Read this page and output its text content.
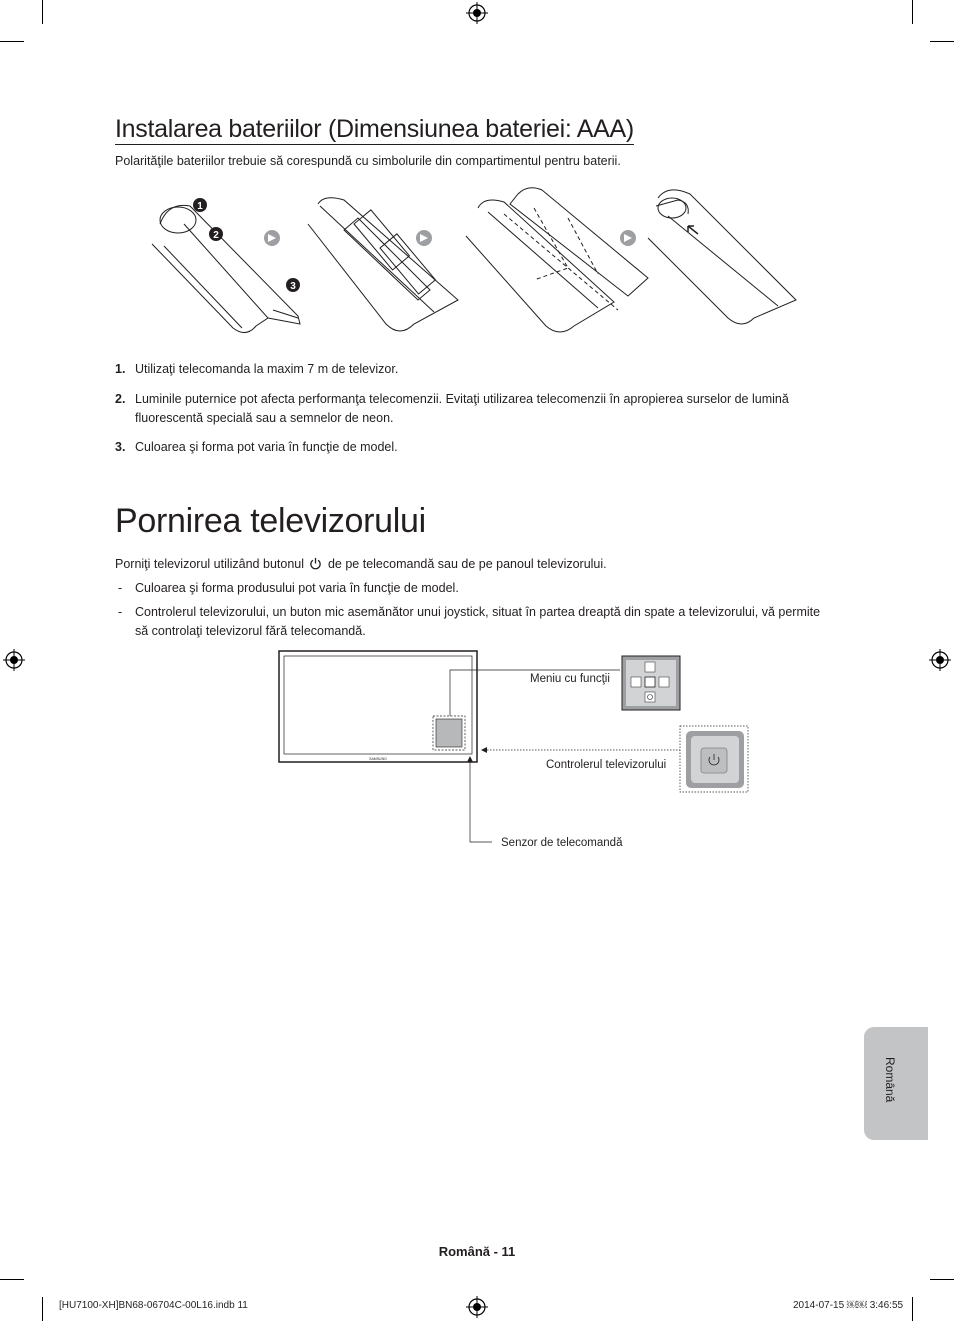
Instalarea bateriilor (Dimensiunea bateriei: AAA)
Polarităţile bateriilor trebuie să corespundă cu simbolurile din compartimentul pentru baterii.
1
2
3
1. Utilizaţi telecomanda la maxim 7 m de televizor.
2. Luminile puternice pot afecta performanţa telecomenzii. Evitaţi utilizarea telecomenzii în apropierea surselor de lumină fluorescentă specială sau a semnelor de neon.
3. Culoarea şi forma pot varia în funcţie de model.
Pornirea televizorului
Porniţi televizorul utilizând butonul de pe telecomandă sau de pe panoul televizorului.
- Culoarea şi forma produsului pot varia în funcţie de model.
- Controlerul televizorului, un buton mic asemănător unui joystick, situat în partea dreaptă din spate a televizorului, vă permite să controlaţi televizorul fără telecomandă.
SAMSUNG
Meniu cu funcţii
Controlerul televizorului
Senzor de telecomandă
Română
Română - 11
[HU7100-XH]BN68-06704C-00L16.indb 11	2014-07-15 ￼￼ 3:46:55
